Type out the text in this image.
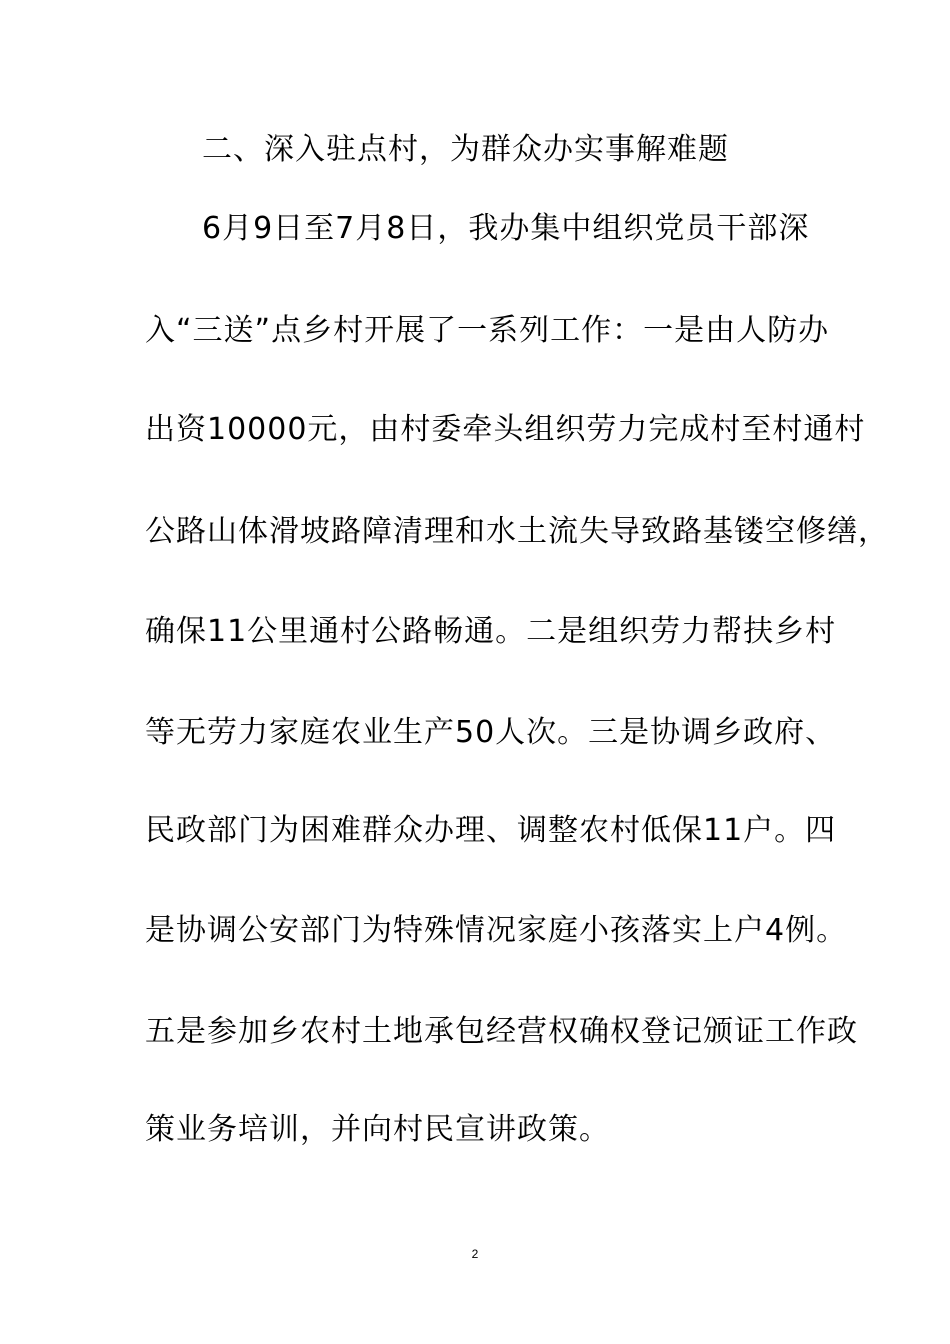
二、深入驻点村，为群众办实事解难题
6月9日至7月8日，我办集中组织党员干部深
入“三送”点乡村开展了一系列工作：一是由人防办
出资10000元，由村委牵头组织劳力完成村至村通村
公路山体滑坡路障清理和水土流失导致路基镂空修缮，
确保11公里通村公路畅通。二是组织劳力帮扶乡村
等无劳力家庭农业生产50人次。三是协调乡政府、
民政部门为困难群众办理、调整农村低保11户。四
是协调公安部门为特殊情况家庭小孩落实上户4例。
五是参加乡农村土地承包经营权确权登记颁证工作政
策业务培训，并向村民宣讲政策。
2
